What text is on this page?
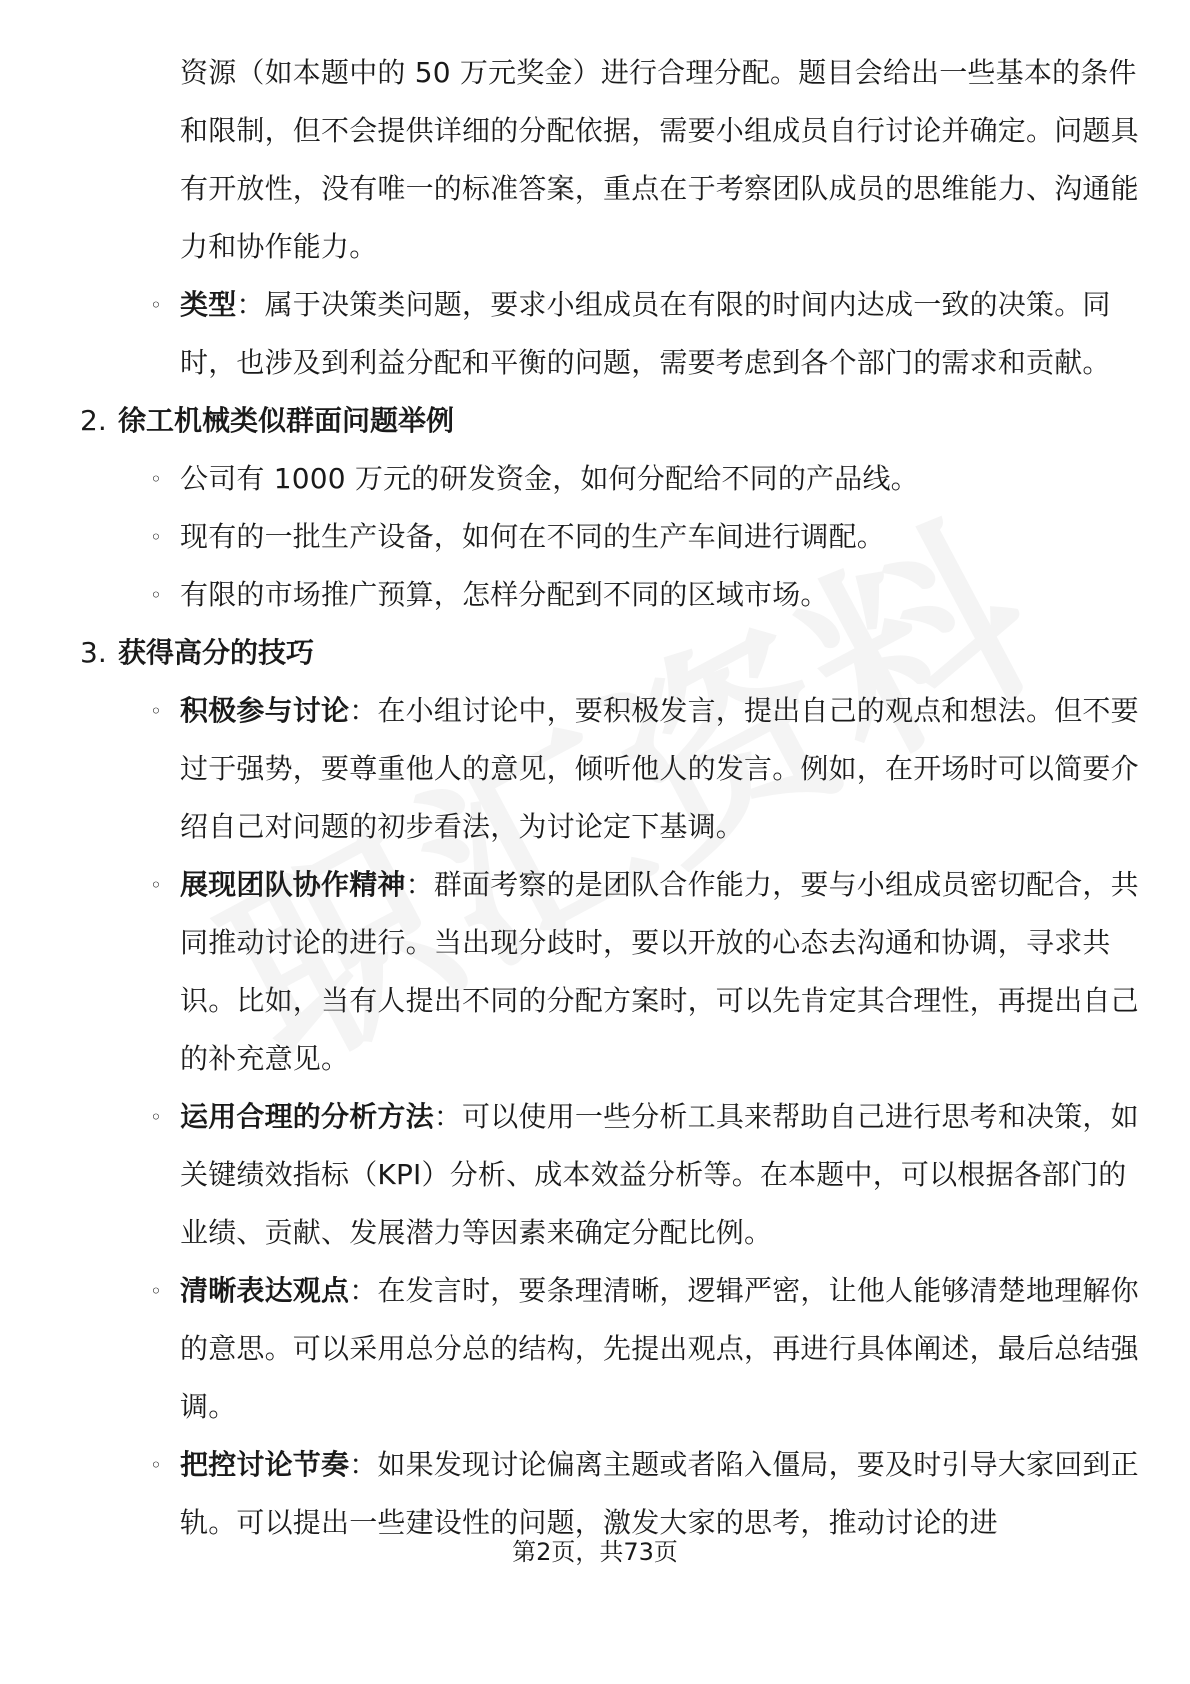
资源（如本题中的 50 万元奖金）进行合理分配。题目会给出一些基本的条件和限制，但不会提供详细的分配依据，需要小组成员自行讨论并确定。问题具有开放性，没有唯一的标准答案，重点在于考察团队成员的思维能力、沟通能力和协作能力。

◦ 类型：属于决策类问题，要求小组成员在有限的时间内达成一致的决策。同时，也涉及到利益分配和平衡的问题，需要考虑到各个部门的需求和贡献。
2. 徐工机械类似群面问题举例
◦ 公司有 1000 万元的研发资金，如何分配给不同的产品线。
◦ 现有的一批生产设备，如何在不同的生产车间进行调配。
◦ 有限的市场推广预算，怎样分配到不同的区域市场。
3. 获得高分的技巧
◦ 积极参与讨论：在小组讨论中，要积极发言，提出自己的观点和想法。但不要过于强势，要尊重他人的意见，倾听他人的发言。例如，在开场时可以简要介绍自己对问题的初步看法，为讨论定下基调。
◦ 展现团队协作精神：群面考察的是团队合作能力，要与小组成员密切配合，共同推动讨论的进行。当出现分歧时，要以开放的心态去沟通和协调，寻求共识。比如，当有人提出不同的分配方案时，可以先肯定其合理性，再提出自己的补充意见。
◦ 运用合理的分析方法：可以使用一些分析工具来帮助自己进行思考和决策，如关键绩效指标（KPI）分析、成本效益分析等。在本题中，可以根据各部门的业绩、贡献、发展潜力等因素来确定分配比例。
◦ 清晰表达观点：在发言时，要条理清晰，逻辑严密，让他人能够清楚地理解你的意思。可以采用总分总的结构，先提出观点，再进行具体阐述，最后总结强调。
◦ 把控讨论节奏：如果发现讨论偏离主题或者陷入僵局，要及时引导大家回到正轨。可以提出一些建设性的问题，激发大家的思考，推动讨论的进
第2页，共73页
